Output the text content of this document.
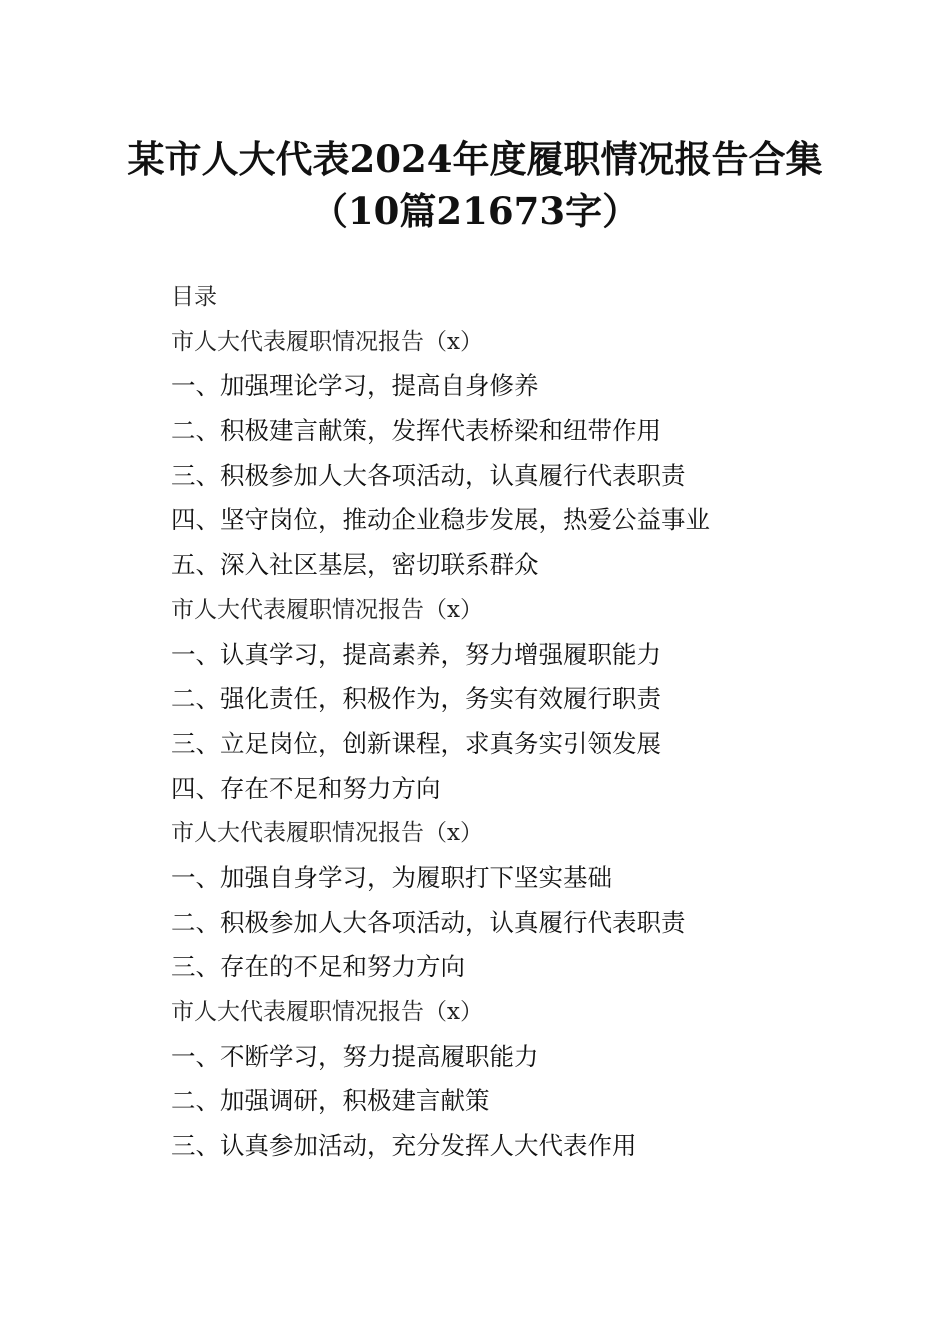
某市人大代表2024年度履职情况报告合集
（10篇21673字）
目录
市人大代表履职情况报告（x）
一、加强理论学习，提高自身修养
二、积极建言献策，发挥代表桥梁和纽带作用
三、积极参加人大各项活动，认真履行代表职责
四、坚守岗位，推动企业稳步发展，热爱公益事业
五、深入社区基层，密切联系群众
市人大代表履职情况报告（x）
一、认真学习，提高素养，努力增强履职能力
二、强化责任，积极作为，务实有效履行职责
三、立足岗位，创新课程，求真务实引领发展
四、存在不足和努力方向
市人大代表履职情况报告（x）
一、加强自身学习，为履职打下坚实基础
二、积极参加人大各项活动，认真履行代表职责
三、存在的不足和努力方向
市人大代表履职情况报告（x）
一、不断学习，努力提高履职能力
二、加强调研，积极建言献策
三、认真参加活动，充分发挥人大代表作用
